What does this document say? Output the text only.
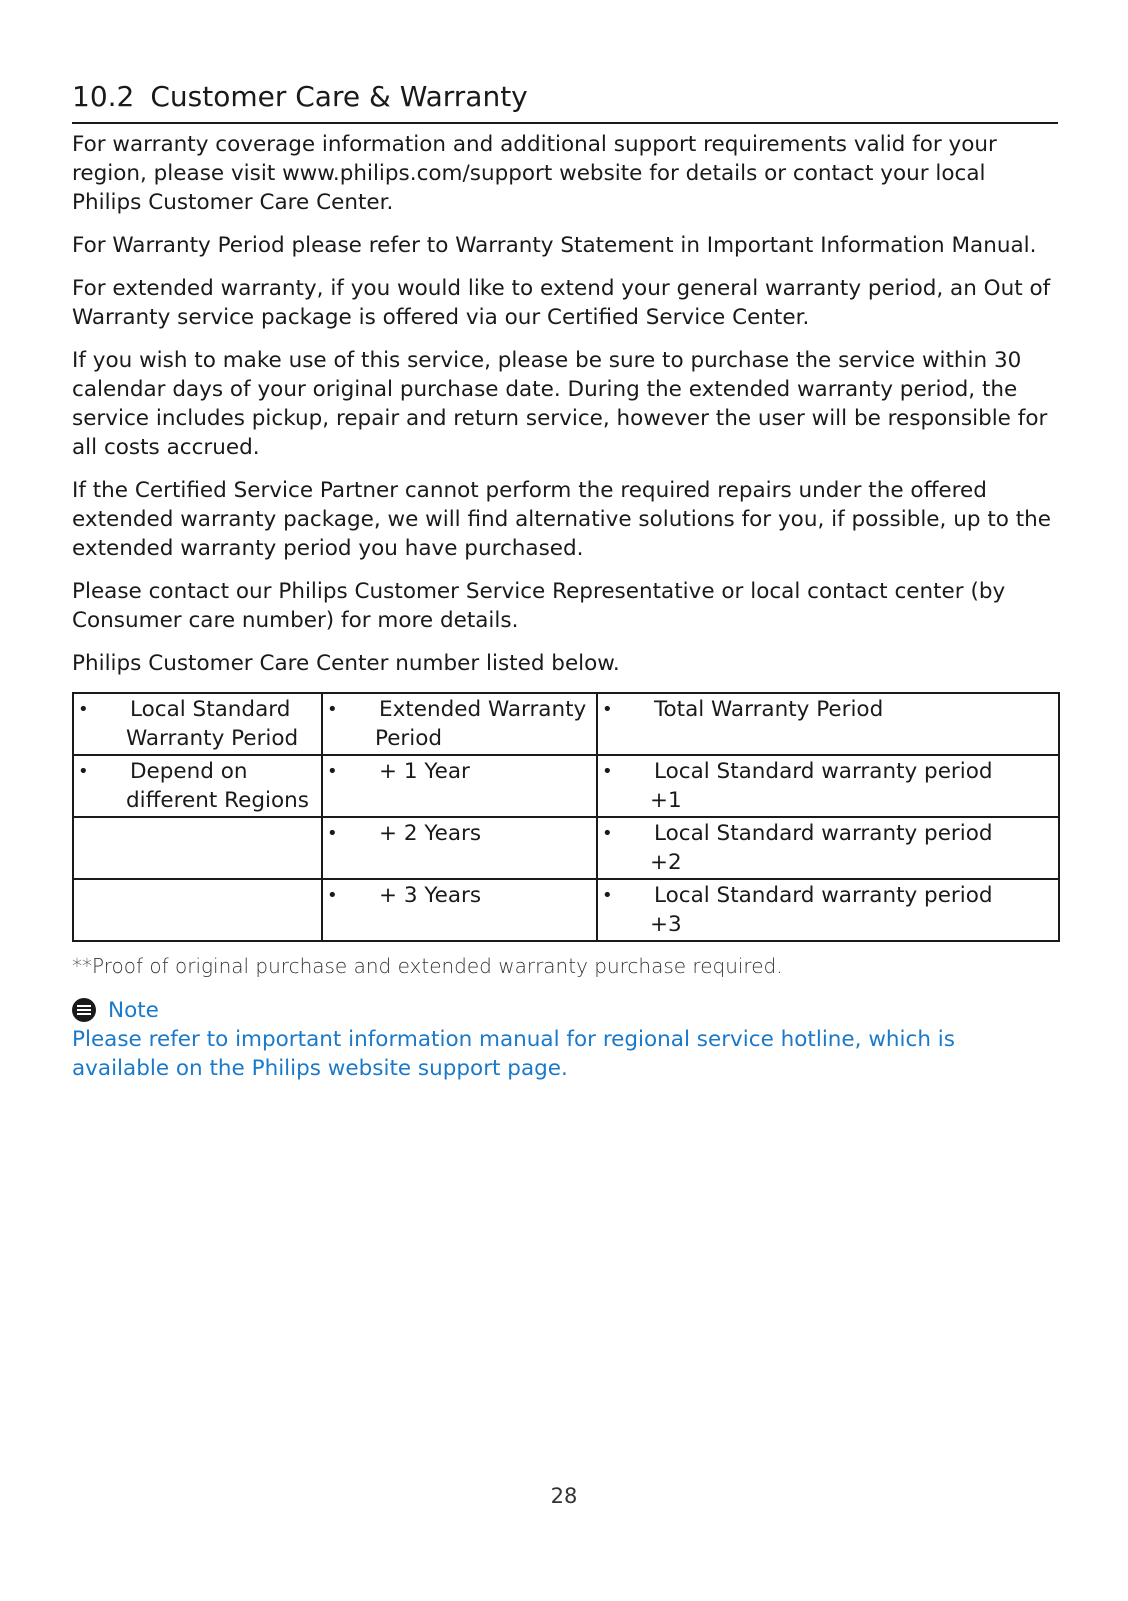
10.2 Customer Care & Warranty

For warranty coverage information and additional support requirements valid for your region, please visit www.philips.com/support website for details or contact your local Philips Customer Care Center.

For Warranty Period please refer to Warranty Statement in Important Information Manual.

For extended warranty, if you would like to extend your general warranty period, an Out of Warranty service package is offered via our Certified Service Center.

If you wish to make use of this service, please be sure to purchase the service within 30 calendar days of your original purchase date. During the extended warranty period, the service includes pickup, repair and return service, however the user will be responsible for all costs accrued.

If the Certified Service Partner cannot perform the required repairs under the offered extended warranty package, we will find alternative solutions for you, if possible, up to the extended warranty period you have purchased.

Please contact our Philips Customer Service Representative or local contact center (by Consumer care number) for more details.

Philips Customer Care Center number listed below.

• Local Standard
Warranty Period	• Extended Warranty
Period	• Total Warranty Period

• Depend on
different Regions	• + 1 Year	• Local Standard warranty period
+1

	• + 2 Years	• Local Standard warranty period
+2

	• + 3 Years	• Local Standard warranty period
+3

**Proof of original purchase and extended warranty purchase required.

Note

Please refer to important information manual for regional service hotline, which is available on the Philips website support page.

28
